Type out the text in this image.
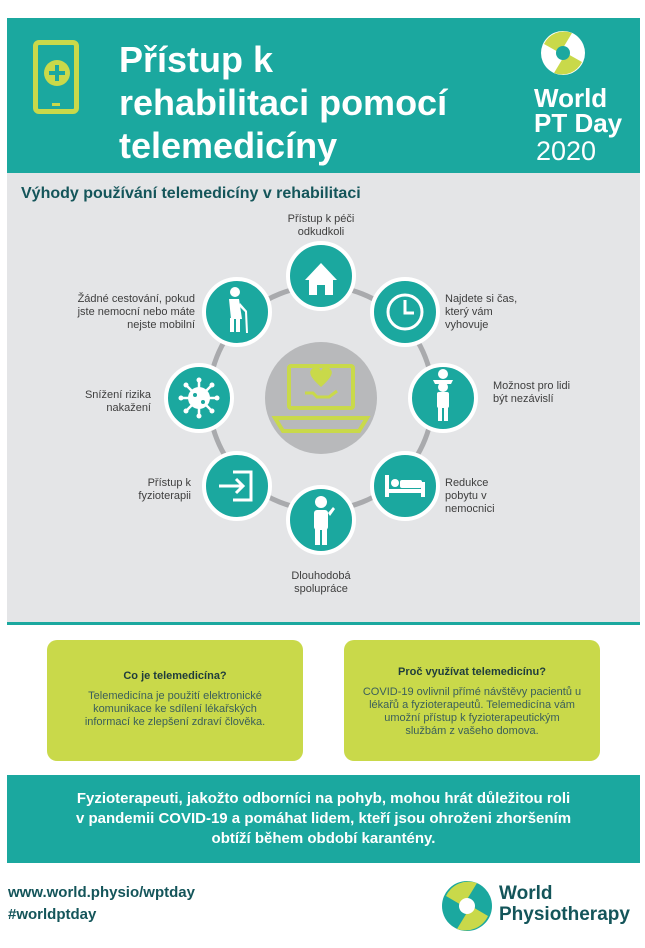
Přístup k
rehabilitaci pomocí
telemedicíny
World
PT Day
2020
Výhody používání telemedicíny v rehabilitaci
Přístup k péči
odkudkoli
Najdete si čas,
který vám
vyhovuje
Možnost pro lidi
být nezávislí
Redukce
pobytu v
nemocnici
Dlouhodobá
spolupráce
Přístup k
fyzioterapii
Snížení rizika
nakažení
Žádné cestování, pokud
jste nemocní nebo máte
nejste mobilní
Co je telemedicína?

Telemedicína je použití elektronické
komunikace ke sdílení lékařských
informací ke zlepšení zdraví člověka.

Proč využívat telemedicínu?

COVID-19 ovlivnil přímé návštěvy pacientů u
lékařů a fyzioterapeutů. Telemedicína vám
umožní přístup k fyzioterapeutickým
službám z vašeho domova.

Fyzioterapeuti, jakožto odborníci na pohyb, mohou hrát důležitou roli
v pandemii COVID-19 a pomáhat lidem, kteří jsou ohroženi zhoršením
obtíží během období karantény.
www.world.physio/wptday
#worldptday
World
Physiotherapy
